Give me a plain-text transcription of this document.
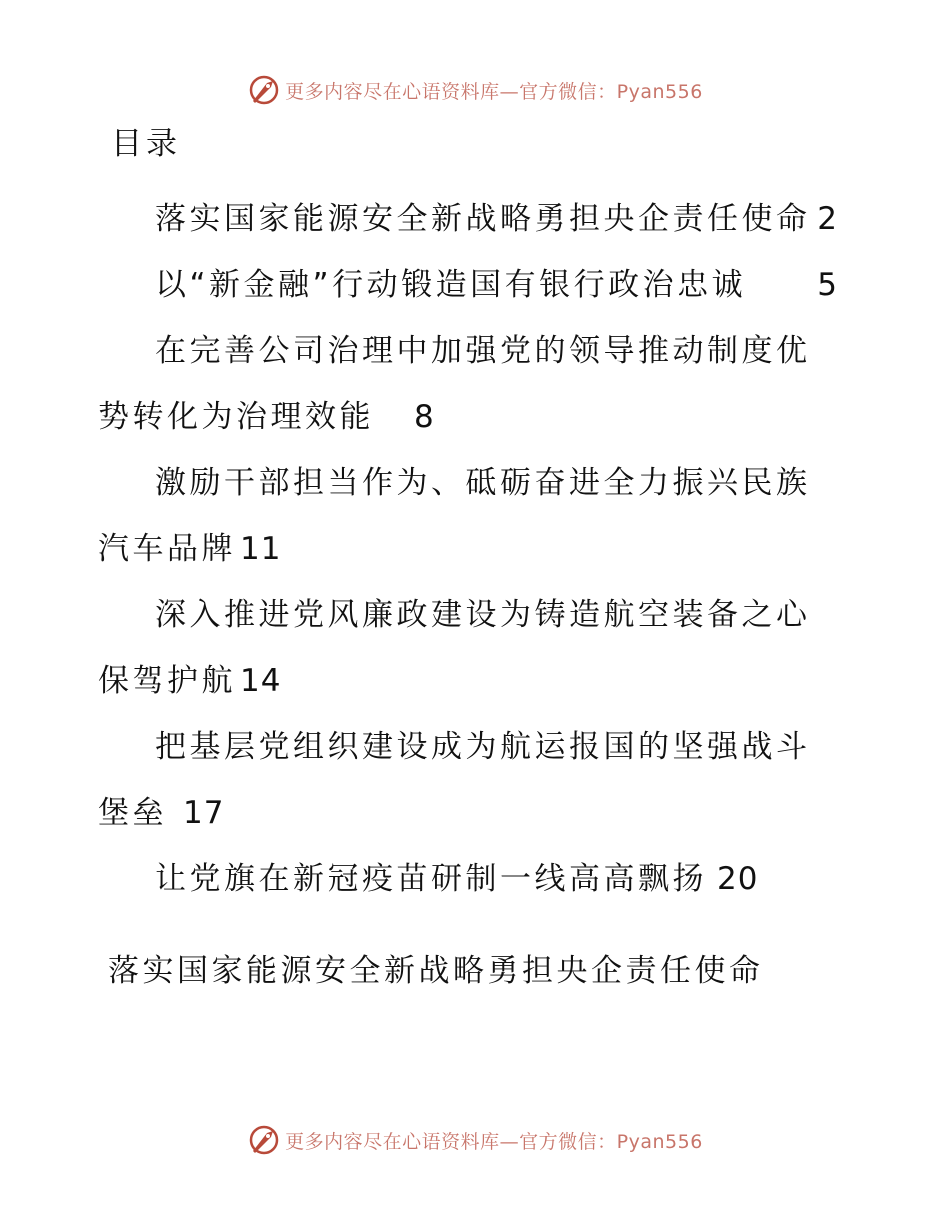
更多内容尽在心语资料库—官方微信：Pyan556
目录

落实国家能源安全新战略勇担央企责任使命 2

以“新金融”行动锻造国有银行政治忠诚 5

在完善公司治理中加强党的领导推动制度优势转化为治理效能 8

激励干部担当作为、砥砺奋进全力振兴民族汽车品牌 11

深入推进党风廉政建设为铸造航空装备之心保驾护航 14

把基层党组织建设成为航运报国的坚强战斗堡垒 17

让党旗在新冠疫苗研制一线高高飘扬 20

落实国家能源安全新战略勇担央企责任使命
更多内容尽在心语资料库—官方微信：Pyan556
